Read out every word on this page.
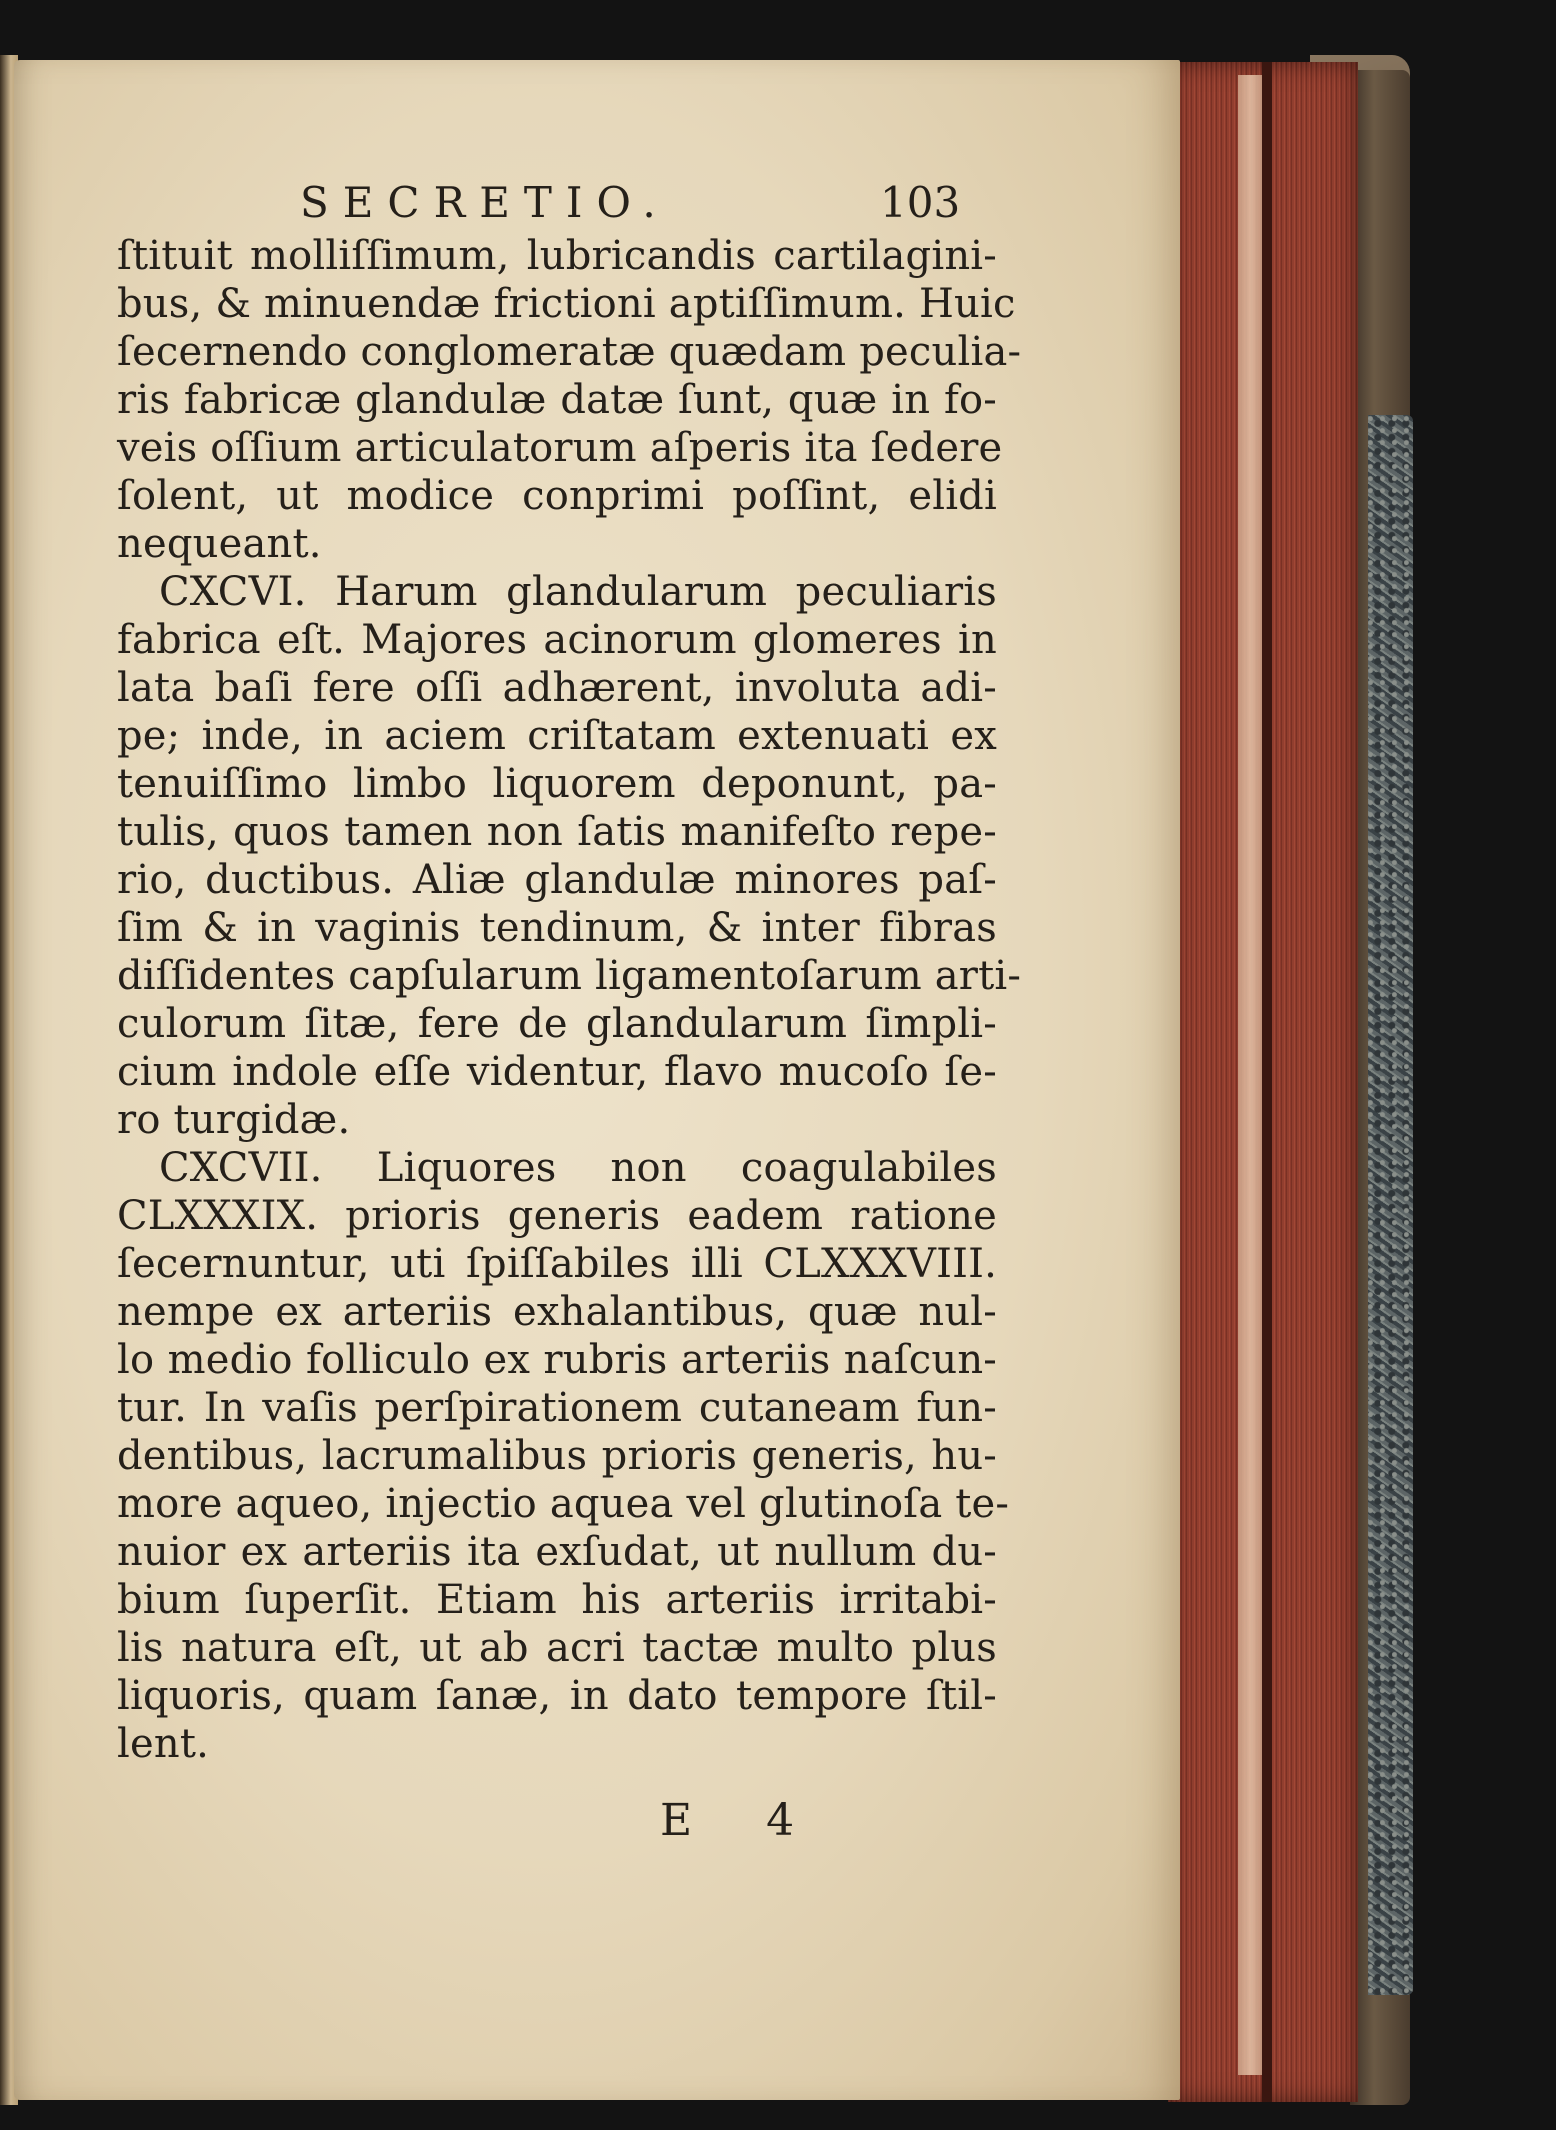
SECRETIO.	103
ſtituit molliſſimum, lubricandis cartilagini-
bus, & minuendæ frictioni aptiſſimum. Huic
ſecernendo conglomeratæ quædam peculia-
ris fabricæ glandulæ datæ ſunt, quæ in fo-
veis oſſium articulatorum aſperis ita ſedere
ſolent, ut modice conprimi poſſint, elidi
nequeant.
CXCVI. Harum glandularum peculiaris
fabrica eſt. Majores acinorum glomeres in
lata baſi fere oſſi adhærent, involuta adi-
pe; inde, in aciem criſtatam extenuati ex
tenuiſſimo limbo liquorem deponunt, pa-
tulis, quos tamen non ſatis manifeſto repe-
rio, ductibus. Aliæ glandulæ minores paſ-
ſim & in vaginis tendinum, & inter fibras
diſſidentes capſularum ligamentoſarum arti-
culorum ſitæ, fere de glandularum ſimpli-
cium indole eſſe videntur, flavo mucoſo ſe-
ro turgidæ.
CXCVII. Liquores non coagulabiles
CLXXXIX. prioris generis eadem ratione
ſecernuntur, uti ſpiſſabiles illi CLXXXVIII.
nempe ex arteriis exhalantibus, quæ nul-
lo medio folliculo ex rubris arteriis naſcun-
tur. In vaſis perſpirationem cutaneam fun-
dentibus, lacrumalibus prioris generis, hu-
more aqueo, injectio aquea vel glutinoſa te-
nuior ex arteriis ita exſudat, ut nullum du-
bium ſuperſit. Etiam his arteriis irritabi-
lis natura eſt, ut ab acri tactæ multo plus
liquoris, quam ſanæ, in dato tempore ſtil-
lent.
E 4
